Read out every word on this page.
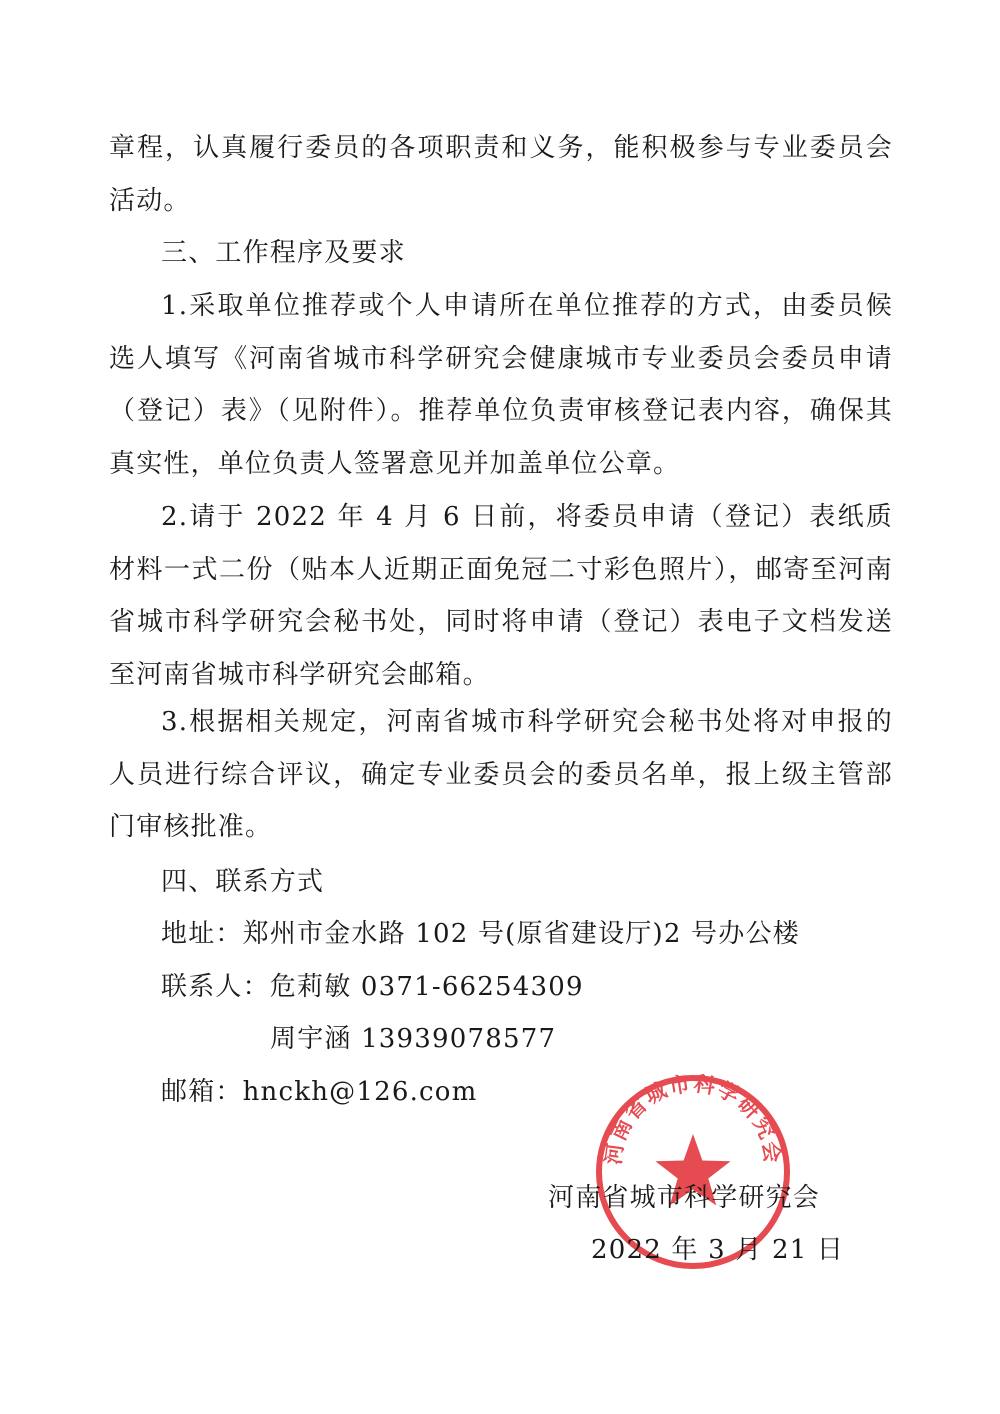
章程，认真履行委员的各项职责和义务，能积极参与专业委员会活动。

三、工作程序及要求

1.采取单位推荐或个人申请所在单位推荐的方式，由委员候选人填写《河南省城市科学研究会健康城市专业委员会委员申请（登记）表》（见附件）。推荐单位负责审核登记表内容，确保其真实性，单位负责人签署意见并加盖单位公章。

2.请于 2022 年 4 月 6 日前，将委员申请（登记）表纸质材料一式二份（贴本人近期正面免冠二寸彩色照片），邮寄至河南省城市科学研究会秘书处，同时将申请（登记）表电子文档发送至河南省城市科学研究会邮箱。

3.根据相关规定，河南省城市科学研究会秘书处将对申报的人员进行综合评议，确定专业委员会的委员名单，报上级主管部门审核批准。

四、联系方式

地址：郑州市金水路 102 号(原省建设厅)2 号办公楼
联系人：危莉敏 0371-66254309
周宇涵 13939078577
邮箱：hnckh@126.com
河南省城市科学研究会
河南省城市科学研究会
2022 年 3 月 21 日
